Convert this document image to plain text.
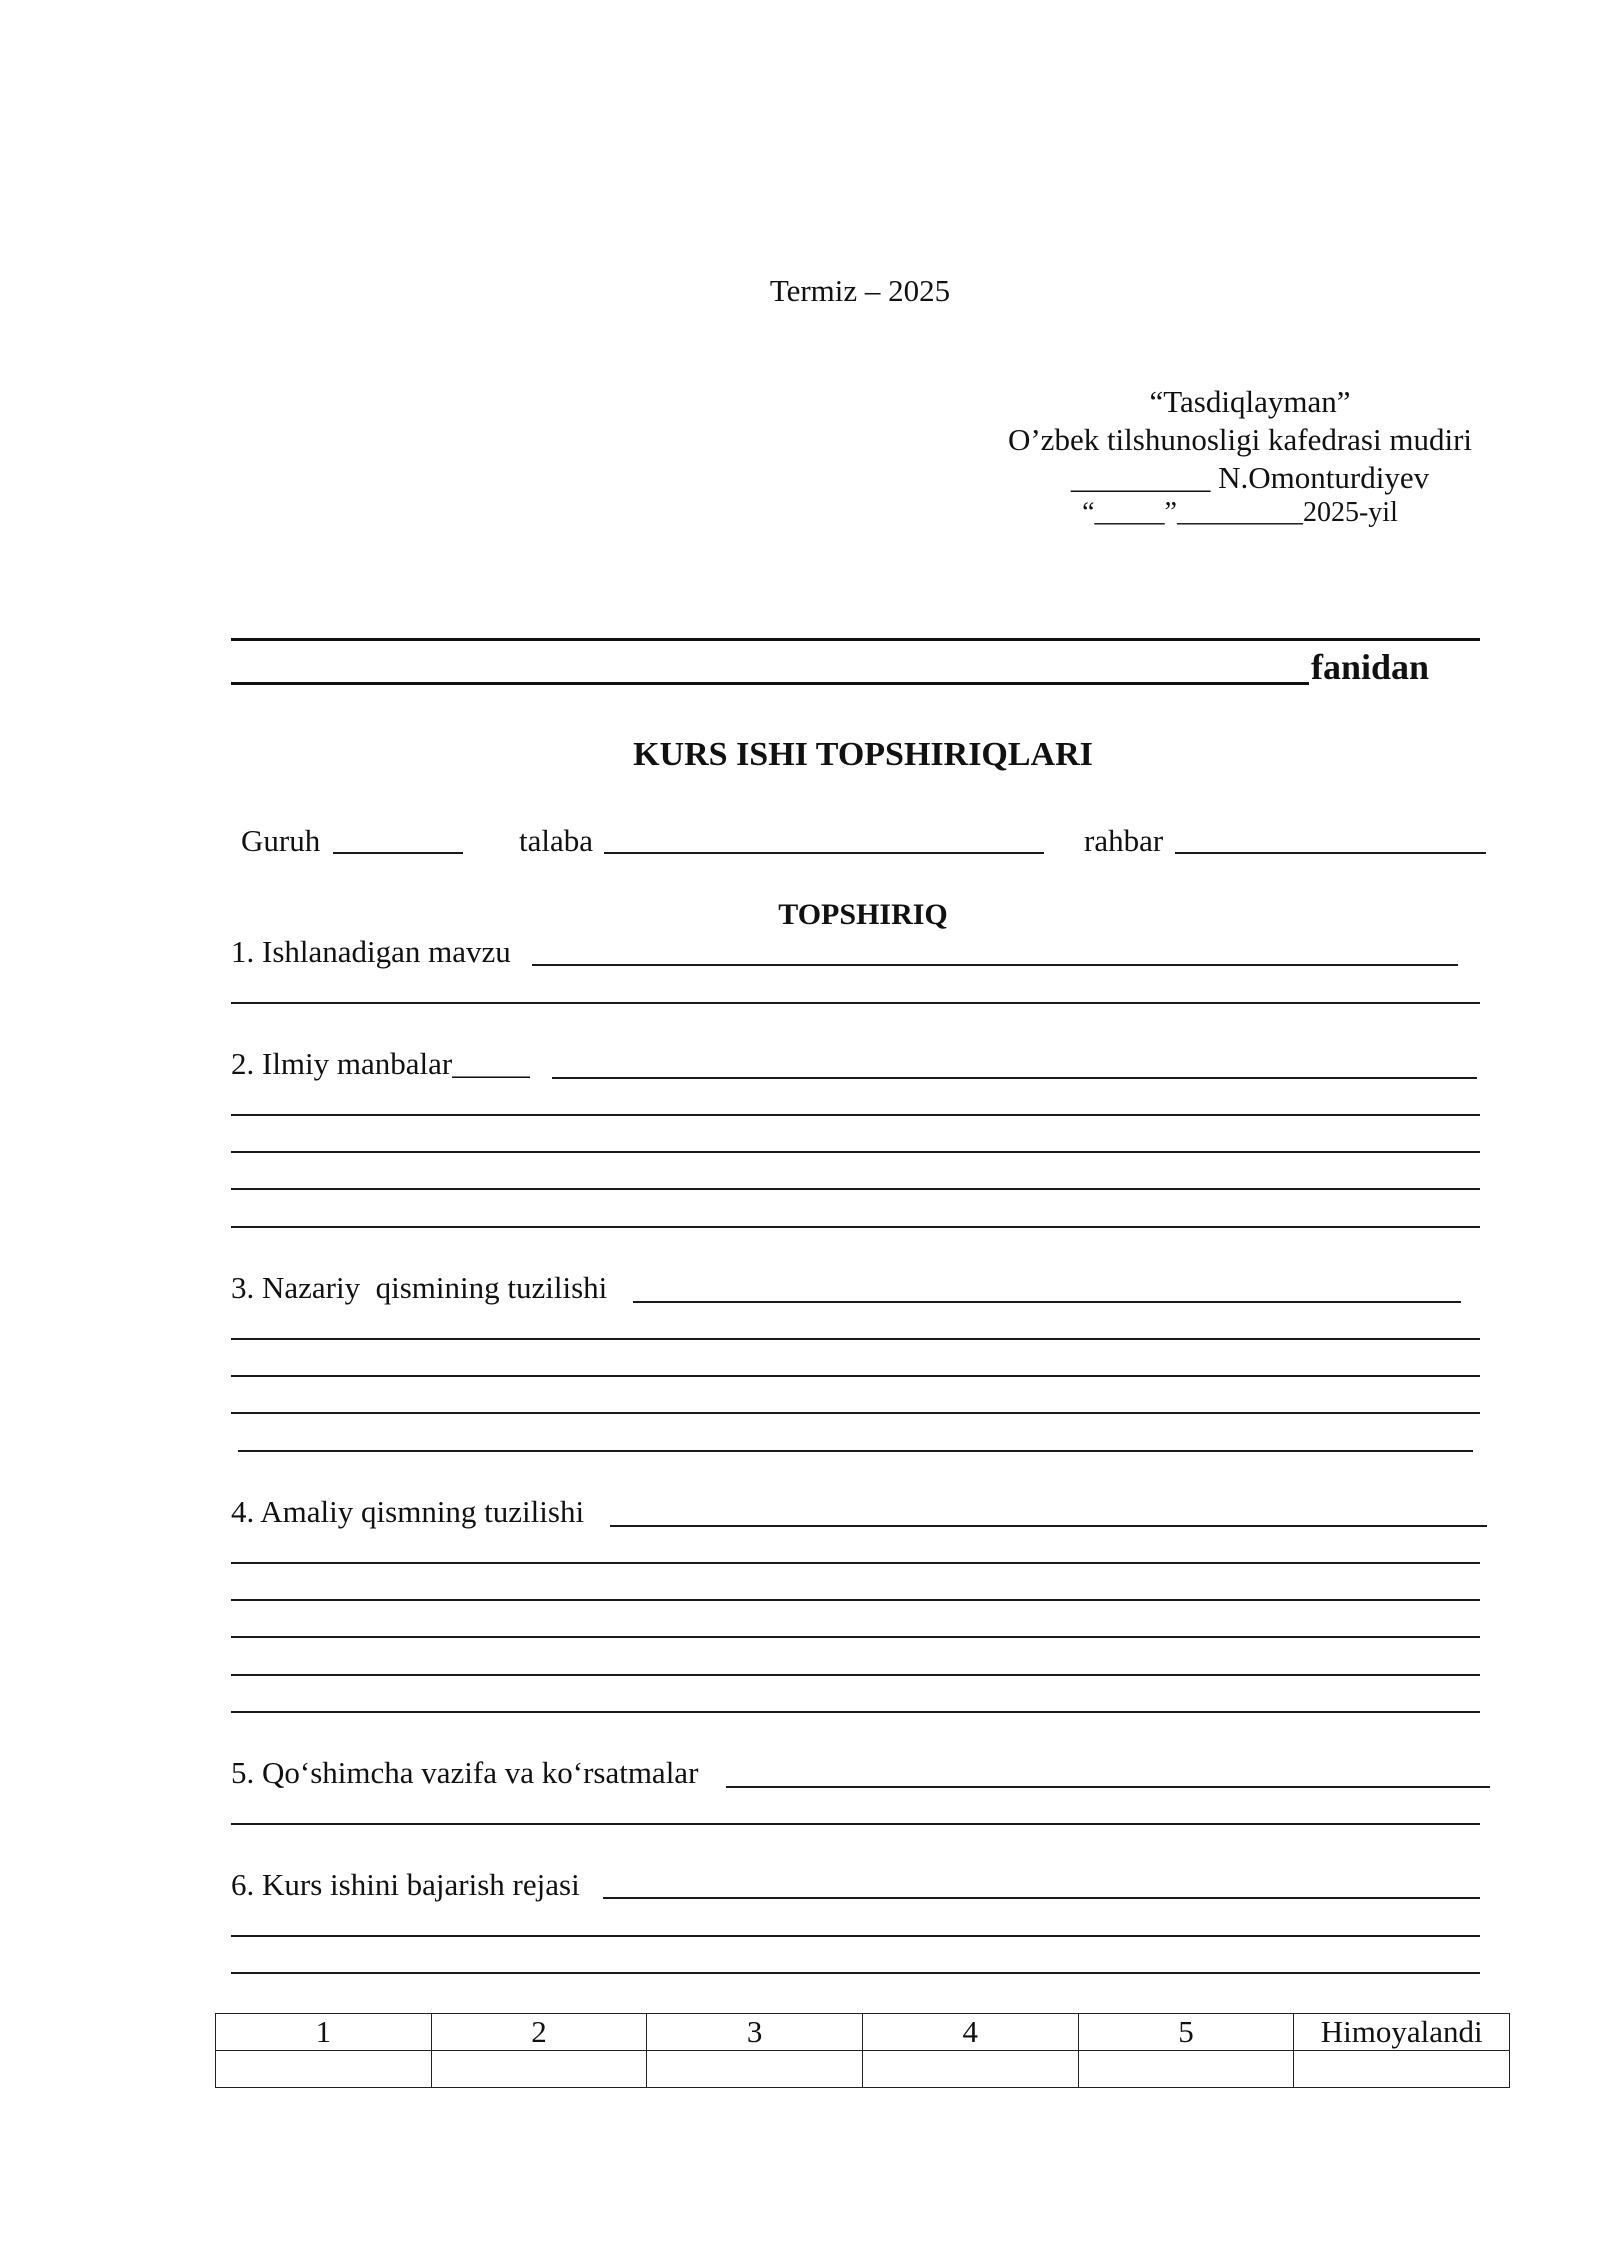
Termiz – 2025
“Tasdiqlayman”
O’zbek tilshunosligi kafedrasi mudiri
_________ N.Omonturdiyev
“_____”_________2025-yil
fanidan
KURS ISHI TOPSHIRIQLARI
Guruh	talaba	rahbar
TOPSHIRIQ
1. Ishlanadigan mavzu
2. Ilmiy manbalar_____
3. Nazariy  qismining tuzilishi
4. Amaliy qismning tuzilishi
5. Qo‘shimcha vazifa va ko‘rsatmalar
6. Kurs ishini bajarish rejasi
1	2	3	4	5	Himoyalandi
